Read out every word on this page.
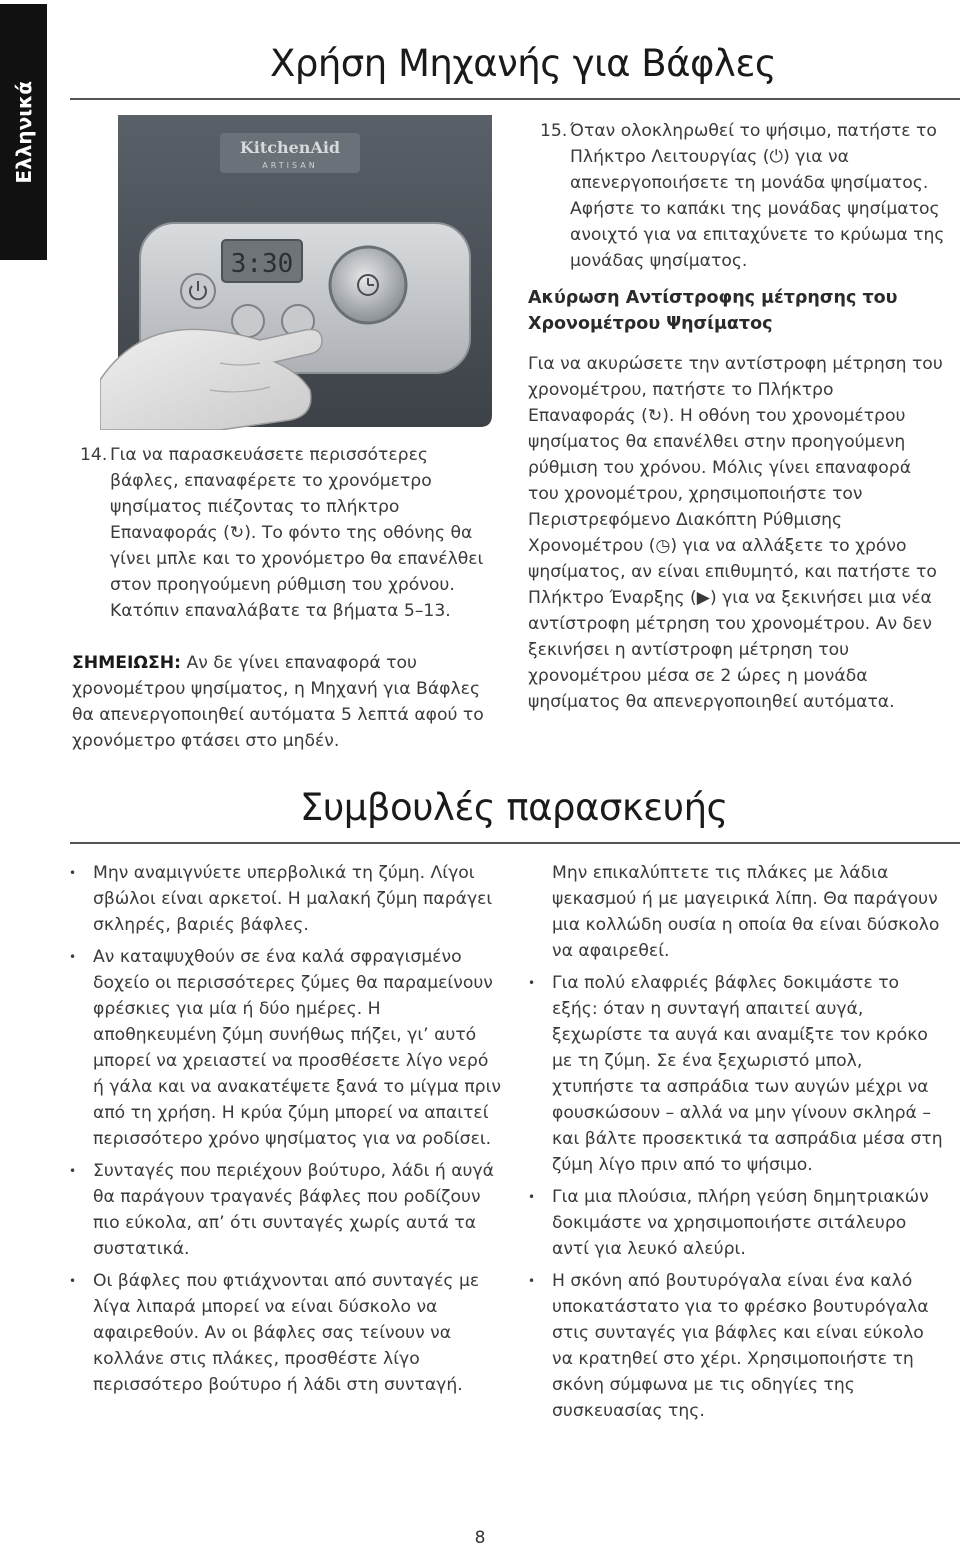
Ελληνικά
Χρήση Μηχανής για Βάφλες
KitchenAid
ARTISAN
3:30
14. Για να παρασκευάσετε περισσότερες βάφλες, επαναφέρετε το χρονόμετρο ψησίματος πιέζοντας το πλήκτρο Επαναφοράς (↻). Το φόντο της οθόνης θα γίνει μπλε και το χρονόμετρο θα επανέλθει στον προηγούμενη ρύθμιση του χρόνου. Κατόπιν επαναλάβατε τα βήματα 5–13.
ΣΗΜΕΙΩΣΗ: Αν δε γίνει επαναφορά του χρονομέτρου ψησίματος, η Μηχανή για Βάφλες θα απενεργοποιηθεί αυτόματα 5 λεπτά αφού το χρονόμετρο φτάσει στο μηδέν.
15. Όταν ολοκληρωθεί το ψήσιμο, πατήστε το Πλήκτρο Λειτουργίας (⏻) για να απενεργοποιήσετε τη μονάδα ψησίματος. Αφήστε το καπάκι της μονάδας ψησίματος ανοιχτό για να επιταχύνετε το κρύωμα της μονάδας ψησίματος.
Ακύρωση Αντίστροφης μέτρησης του Χρονομέτρου Ψησίματος

Για να ακυρώσετε την αντίστροφη μέτρηση του χρονομέτρου, πατήστε το Πλήκτρο Επαναφοράς (↻). Η οθόνη του χρονομέτρου ψησίματος θα επανέλθει στην προηγούμενη ρύθμιση του χρόνου. Μόλις γίνει επαναφορά του χρονομέτρου, χρησιμοποιήστε τον Περιστρεφόμενο Διακόπτη Ρύθμισης Χρονομέτρου (◷) για να αλλάξετε το χρόνο ψησίματος, αν είναι επιθυμητό, και πατήστε το Πλήκτρο Έναρξης (▶) για να ξεκινήσει μια νέα αντίστροφη μέτρηση του χρονομέτρου. Αν δεν ξεκινήσει η αντίστροφη μέτρηση του χρονομέτρου μέσα σε 2 ώρες η μονάδα ψησίματος θα απενεργοποιηθεί αυτόματα.

Συμβουλές παρασκευής
• Μην αναμιγνύετε υπερβολικά τη ζύμη. Λίγοι σβώλοι είναι αρκετοί. Η μαλακή ζύμη παράγει σκληρές, βαριές βάφλες.
• Αν καταψυχθούν σε ένα καλά σφραγισμένο δοχείο οι περισσότερες ζύμες θα παραμείνουν φρέσκιες για μία ή δύο ημέρες. Η αποθηκευμένη ζύμη συνήθως πήζει, γι’ αυτό μπορεί να χρειαστεί να προσθέσετε λίγο νερό ή γάλα και να ανακατέψετε ξανά το μίγμα πριν από τη χρήση. Η κρύα ζύμη μπορεί να απαιτεί περισσότερο χρόνο ψησίματος για να ροδίσει.
• Συνταγές που περιέχουν βούτυρο, λάδι ή αυγά θα παράγουν τραγανές βάφλες που ροδίζουν πιο εύκολα, απ’ ότι συνταγές χωρίς αυτά τα συστατικά.
• Οι βάφλες που φτιάχνονται από συνταγές με λίγα λιπαρά μπορεί να είναι δύσκολο να αφαιρεθούν. Αν οι βάφλες σας τείνουν να κολλάνε στις πλάκες, προσθέστε λίγο περισσότερο βούτυρο ή λάδι στη συνταγή.
Μην επικαλύπτετε τις πλάκες με λάδια ψεκασμού ή με μαγειρικά λίπη. Θα παράγουν μια κολλώδη ουσία η οποία θα είναι δύσκολο να αφαιρεθεί.
• Για πολύ ελαφριές βάφλες δοκιμάστε το εξής: όταν η συνταγή απαιτεί αυγά, ξεχωρίστε τα αυγά και αναμίξτε τον κρόκο με τη ζύμη. Σε ένα ξεχωριστό μπολ, χτυπήστε τα ασπράδια των αυγών μέχρι να φουσκώσουν – αλλά να μην γίνουν σκληρά – και βάλτε προσεκτικά τα ασπράδια μέσα στη ζύμη λίγο πριν από το ψήσιμο.
• Για μια πλούσια, πλήρη γεύση δημητριακών δοκιμάστε να χρησιμοποιήστε σιτάλευρο αντί για λευκό αλεύρι.
• Η σκόνη από βουτυρόγαλα είναι ένα καλό υποκατάστατο για το φρέσκο βουτυρόγαλα στις συνταγές για βάφλες και είναι εύκολο να κρατηθεί στο χέρι. Χρησιμοποιήστε τη σκόνη σύμφωνα με τις οδηγίες της συσκευασίας της.
8
